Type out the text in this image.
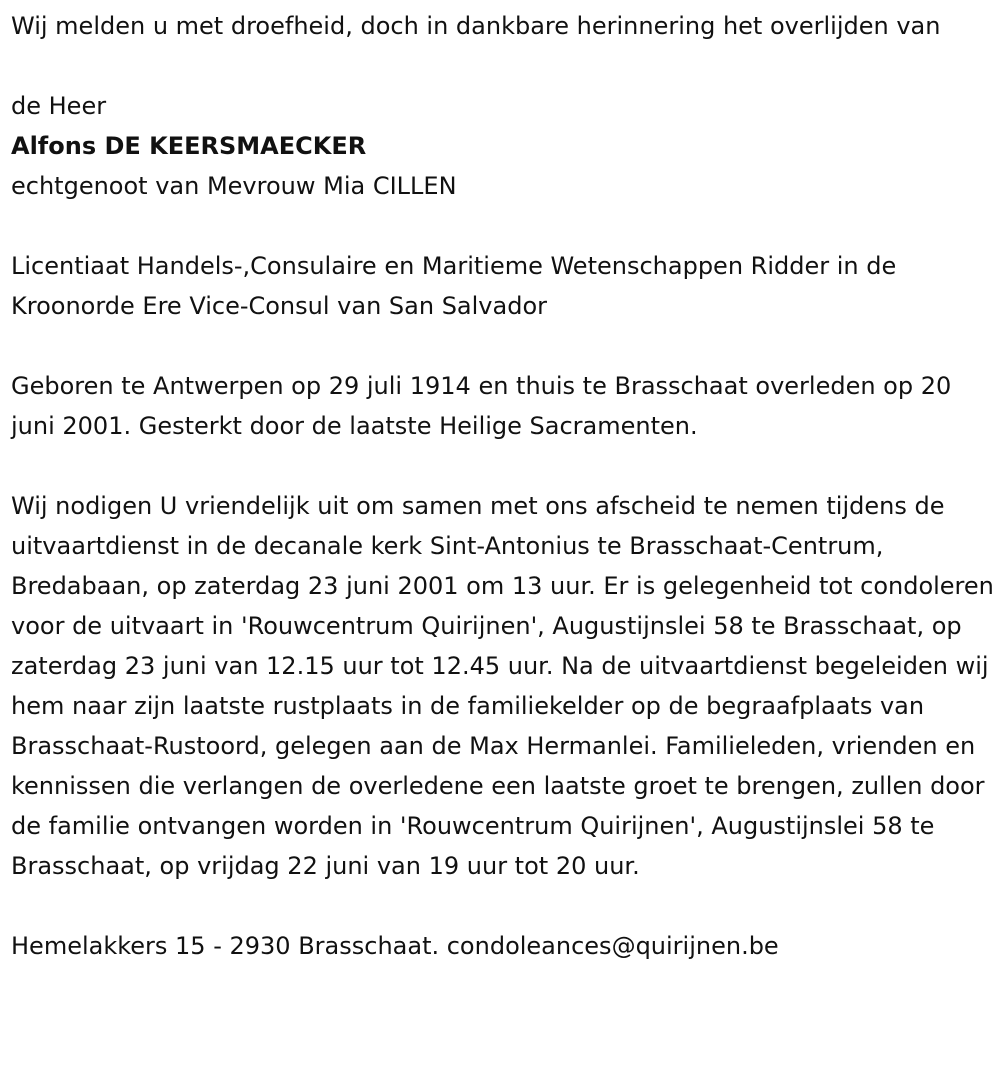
Wij melden u met droefheid, doch in dankbare herinnering het overlijden van

de Heer

Alfons DE KEERSMAECKER

echtgenoot van Mevrouw Mia CILLEN

Licentiaat Handels-,Consulaire en Maritieme Wetenschappen Ridder in de Kroonorde Ere Vice-Consul van San Salvador

Geboren te Antwerpen op 29 juli 1914 en thuis te Brasschaat overleden op 20 juni 2001. Gesterkt door de laatste Heilige Sacramenten.

Wij nodigen U vriendelijk uit om samen met ons afscheid te nemen tijdens de uitvaartdienst in de decanale kerk Sint-Antonius te Brasschaat-Centrum, Bredabaan, op zaterdag 23 juni 2001 om 13 uur. Er is gelegenheid tot condoleren voor de uitvaart in 'Rouwcentrum Quirijnen', Augustijnslei 58 te Brasschaat, op zaterdag 23 juni van 12.15 uur tot 12.45 uur. Na de uitvaartdienst begeleiden wij hem naar zijn laatste rustplaats in de familiekelder op de begraafplaats van Brasschaat-Rustoord, gelegen aan de Max Hermanlei. Familieleden, vrienden en kennissen die verlangen de overledene een laatste groet te brengen, zullen door de familie ontvangen worden in 'Rouwcentrum Quirijnen', Augustijnslei 58 te Brasschaat, op vrijdag 22 juni van 19 uur tot 20 uur.

Hemelakkers 15 - 2930 Brasschaat. condoleances@quirijnen.be
